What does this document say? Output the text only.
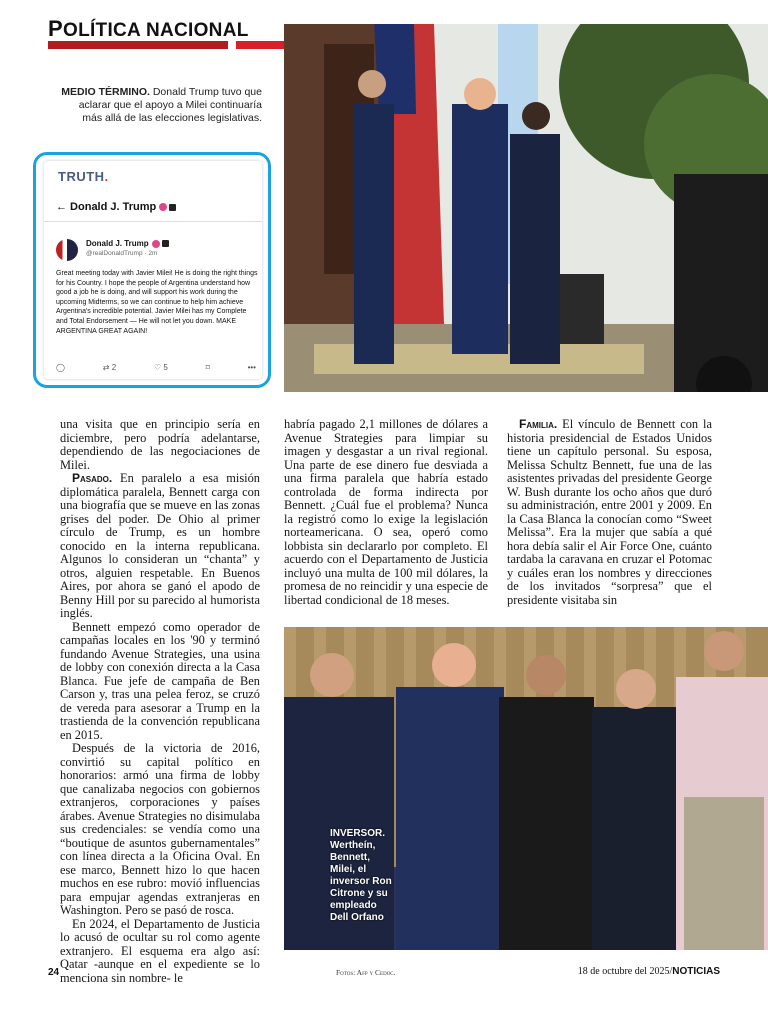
POLÍTICA NACIONAL
MEDIO TÉRMINO. Donald Trump tuvo que aclarar que el apoyo a Milei continuaría más allá de las elecciones legislativas.
TRUTH.
← Donald J. Trump
Donald J. Trump
@realDonaldTrump · 2m
Great meeting today with Javier Milei! He is doing the right things for his Country. I hope the people of Argentina understand how good a job he is doing, and will support his work during the upcoming Midterms, so we can continue to help him achieve Argentina's incredible potential. Javier Milei has my Complete and Total Endorsement — He will not let you down. MAKE ARGENTINA GREAT AGAIN!
◯	⇄ 2	♡ 5	⌑	•••

una visita que en principio sería en diciembre, pero podría adelantarse, dependiendo de las negociaciones de Milei.

Pasado. En paralelo a esa misión diplomática paralela, Bennett carga con una biografía que se mueve en las zonas grises del poder. De Ohio al primer círculo de Trump, es un hombre conocido en la interna republicana. Algunos lo consideran un “chanta” y otros, alguien respetable. En Buenos Aires, por ahora se ganó el apodo de Benny Hill por su parecido al humorista inglés.

Bennett empezó como operador de campañas locales en los '90 y terminó fundando Avenue Strategies, una usina de lobby con conexión directa a la Casa Blanca. Fue jefe de campaña de Ben Carson y, tras una pelea feroz, se cruzó de vereda para asesorar a Trump en la trastienda de la convención republicana en 2015.

Después de la victoria de 2016, convirtió su capital político en honorarios: armó una firma de lobby que canalizaba negocios con gobiernos extranjeros, corporaciones y países árabes. Avenue Strategies no disimulaba sus credenciales: se vendía como una “boutique de asuntos gubernamentales” con línea directa a la Oficina Oval. En ese marco, Bennett hizo lo que hacen muchos en ese rubro: movió influencias para empujar agendas extranjeras en Washington. Pero se pasó de rosca.

En 2024, el Departamento de Justicia lo acusó de ocultar su rol como agente extranjero. El esquema era algo así: Qatar -aunque en el expediente se lo menciona sin nombre- le

habría pagado 2,1 millones de dólares a Avenue Strategies para limpiar su imagen y desgastar a un rival regional. Una parte de ese dinero fue desviada a una firma paralela que habría estado controlada de forma indirecta por Bennett. ¿Cuál fue el problema? Nunca la registró como lo exige la legislación norteamericana. O sea, operó como lobbista sin declararlo por completo. El acuerdo con el Departamento de Justicia incluyó una multa de 100 mil dólares, la promesa de no reincidir y una especie de libertad condicional de 18 meses.

Familia. El vínculo de Bennett con la historia presidencial de Estados Unidos tiene un capítulo personal. Su esposa, Melissa Schultz Bennett, fue una de las asistentes privadas del presidente George W. Bush durante los ocho años que duró su administración, entre 2001 y 2009. En la Casa Blanca la conocían como “Sweet Melissa”. Era la mujer que sabía a qué hora debía salir el Air Force One, cuánto tardaba la caravana en cruzar el Potomac y cuáles eran los nombres y direcciones de los invitados “sorpresa” que el presidente visitaba sin

INVERSOR.
Wertheín, Bennett, Milei, el inversor Ron Citrone y su empleado Dell Orfano
24	Fotos: Afp y Cedoc.	18 de octubre del 2025/NOTICIAS
